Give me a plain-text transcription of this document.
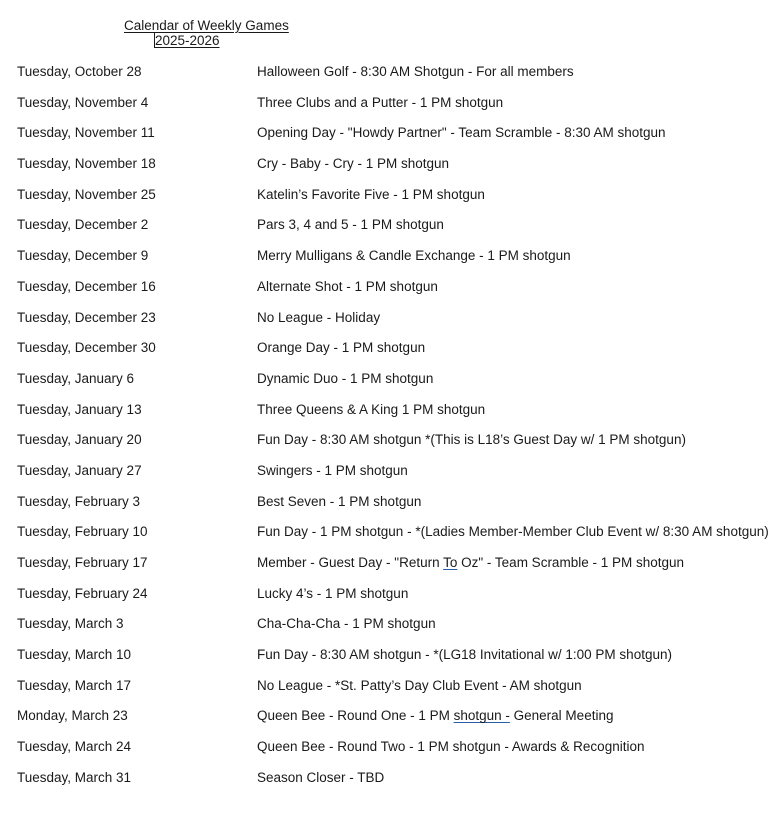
Calendar of Weekly Games
2025-2026
Tuesday, October 28	Halloween Golf - 8:30 AM Shotgun - For all members
Tuesday, November 4	Three Clubs and a Putter - 1 PM shotgun
Tuesday, November 11	Opening Day - "Howdy Partner" - Team Scramble - 8:30 AM shotgun
Tuesday, November 18	Cry - Baby - Cry - 1 PM shotgun
Tuesday, November 25	Katelin’s Favorite Five - 1 PM shotgun
Tuesday, December 2	Pars 3, 4 and 5 - 1 PM shotgun
Tuesday, December 9	Merry Mulligans & Candle Exchange - 1 PM shotgun
Tuesday, December 16	Alternate Shot - 1 PM shotgun
Tuesday, December 23	No League - Holiday
Tuesday, December 30	Orange Day - 1 PM shotgun
Tuesday, January 6	Dynamic Duo - 1 PM shotgun
Tuesday, January 13	Three Queens & A King 1 PM shotgun
Tuesday, January 20	Fun Day - 8:30 AM shotgun *(This is L18’s Guest Day w/ 1 PM shotgun)
Tuesday, January 27	Swingers - 1 PM shotgun
Tuesday, February 3	Best Seven - 1 PM shotgun
Tuesday, February 10	Fun Day - 1 PM shotgun - *(Ladies Member-Member Club Event w/ 8:30 AM shotgun)
Tuesday, February 17	Member - Guest Day - "Return To Oz" - Team Scramble - 1 PM shotgun
Tuesday, February 24	Lucky 4’s - 1 PM shotgun
Tuesday, March 3	Cha-Cha-Cha - 1 PM shotgun
Tuesday, March 10	Fun Day - 8:30 AM shotgun - *(LG18 Invitational w/ 1:00 PM shotgun)
Tuesday, March 17	No League - *St. Patty’s Day Club Event - AM shotgun
Monday, March 23	Queen Bee - Round One - 1 PM shotgun - General Meeting
Tuesday, March 24	Queen Bee - Round Two - 1 PM shotgun - Awards & Recognition
Tuesday, March 31	Season Closer - TBD
